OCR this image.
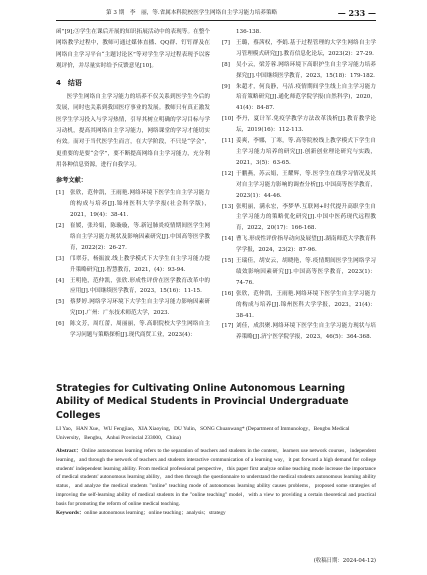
第 3 期　李　丽，等.省属本科院校医学生网络自主学习能力培养策略	— 233 —

函”[9];③学生在课后开展的知识拓展活动中的表现等。在整个网络教学过程中，教师可通过媒体直播、QQ群、钉钉群及在网络自主学习平台“主题讨论区”等对学生学习过程表现予以客观评价，并尽量实时给予反馈意见[10]。

4　结语

医学生网络自主学习能力的培养不仅关系到医学生今后的发展，同时也关系到我国医疗事业的发展。教师只有真正激发医学生学习投入与学习热情，引导其树立明确的学习目标与学习动机，提高其网络自主学习能力，网络课堂的学习才能切实有效。而对于当代医学生而言，在大学阶段，不只是“学会”，更重要的是要“会学”，要不断提高网络自主学习能力，充分利用各种信息资源，进行自我学习。

参考文献：

[1] 张欣，范仲凯，王雨艳.网络环境下医学生自主学习能力的构成与培养[J].锦州医科大学学报(社会科学版)，2021，19(4)：38-41.

[2] 崔媛，张玲娟，陈璇璇，等.新冠肺炎疫情期间医学生网络自主学习能力现状及影响因素研究[J].中国高等医学教育，2022(2)：26-27.

[3] 邝翠芬，杨振波.线上教学模式下大学生自主学习能力提升策略研究[J].智慧教育，2021，(4)：93-94.

[4] 王明艳，范仲凯，张欣.形成性评价在医学教育改革中的应用[J].中国继续医学教育，2023，15(16)：11-15.

[5] 蔡梦婷.网络学习环境下大学生自主学习能力影响因素研究[D].广州：广东技术师范大学，2023.

[6] 陈文芳，周红蕾，周丽丽，等.高职院校大学生网络自主学习问题与策略探析[J].现代商贸工业，2023(4)：

136-138.

[7] 王璐，蔡茜权，李娟.基于过程管理的大学生网络自主学习管理模式研究[J].教育信息化论坛，2023(2)：27-29.

[8] 吴小云，梁芳蓉.网络环境下高职护生自主学习能力培养探究[J].中国继续医学教育，2023，15(18)：179-182.

[9] 朱超才，何良静，马洁.疫情期间学生线上自主学习能力培育策略研究[J].通化师范学院学报(自然科学)，2020，41(4)：84-87.

[10] 李丹，夏计军.免疫学教学方法改革浅析[J].教育教学论坛，2019(16)：112-113.

[11] 姜爽，李娜，丁寒，等.高等院校线上教学模式下学生自主学习能力培养的研究[J].创新创业理论研究与实践，2021，3(5)：63-65.

[12] 于鹏燕，苏云娟，王耀辉，等.医学生在线学习情况及其对自主学习能力影响的调查分析[J].中国高等医学教育，2023(1)：44-46.

[13] 张明丽，满永宏，李梦华.互联网+时代提升高职学生自主学习能力的策略优化研究[J].中国中医药现代远程教育，2022，20(17)：166-168.

[14] 曹飞.形成性评价指导动向及展望[J].湖南师范大学教育科学学报，2024，23(2)：87-96.

[15] 王瑞佳，胡安云，胡晓艳，等.疫情期间医学生网络学习绩效影响因素研究[J].中国高等医学教育，2023(1)：74-76.

[16] 张欣，范仲凯，王雨艳.网络环境下医学生自主学习能力的构成与培养[J].锦州医科大学学报，2023，21(4)：38-41.

[17] 刘佳，成洪聚.网络环境下医学生自主学习能力现状与培养策略[J].济宁医学院学报，2023，46(5)：364-368.

Strategies for Cultivating Online Autonomous Learning Ability of Medical Students in Provincial Undergraduate Colleges

LI Yao，HAN Xue，WU Fengjiao，XIA Xiaoying，DU Yulin，SONG Chuanwang* (Department of Immunology，Bengbu Medical University，Bengbu，Anhui Provincial 233000，China)

Abstract：Online autonomous learning refers to the separation of teachers and students in the content，learners use network courses，independent learning，and through the network of teachers and students interactive communication of a learning way，it put forward a high demand for college students' independent learning ability. From medical professional perspective，this paper first analyze online teaching mode increase the importance of medical students' autonomous learning ability，and then through the questionnaire to understand the medical students autonomous learning ability status，and analyze the medical students "online" teaching mode of autonomous learning ability causes problems，proposed some strategies of improving the self-learning ability of medical students in the "online teaching" model，with a view to providing a certain theoretical and practical basis for promoting the reform of online medical teaching.

Keywords：online autonomous learning；online teaching；analysis；strategy

(收稿日期：2024-04-12)
